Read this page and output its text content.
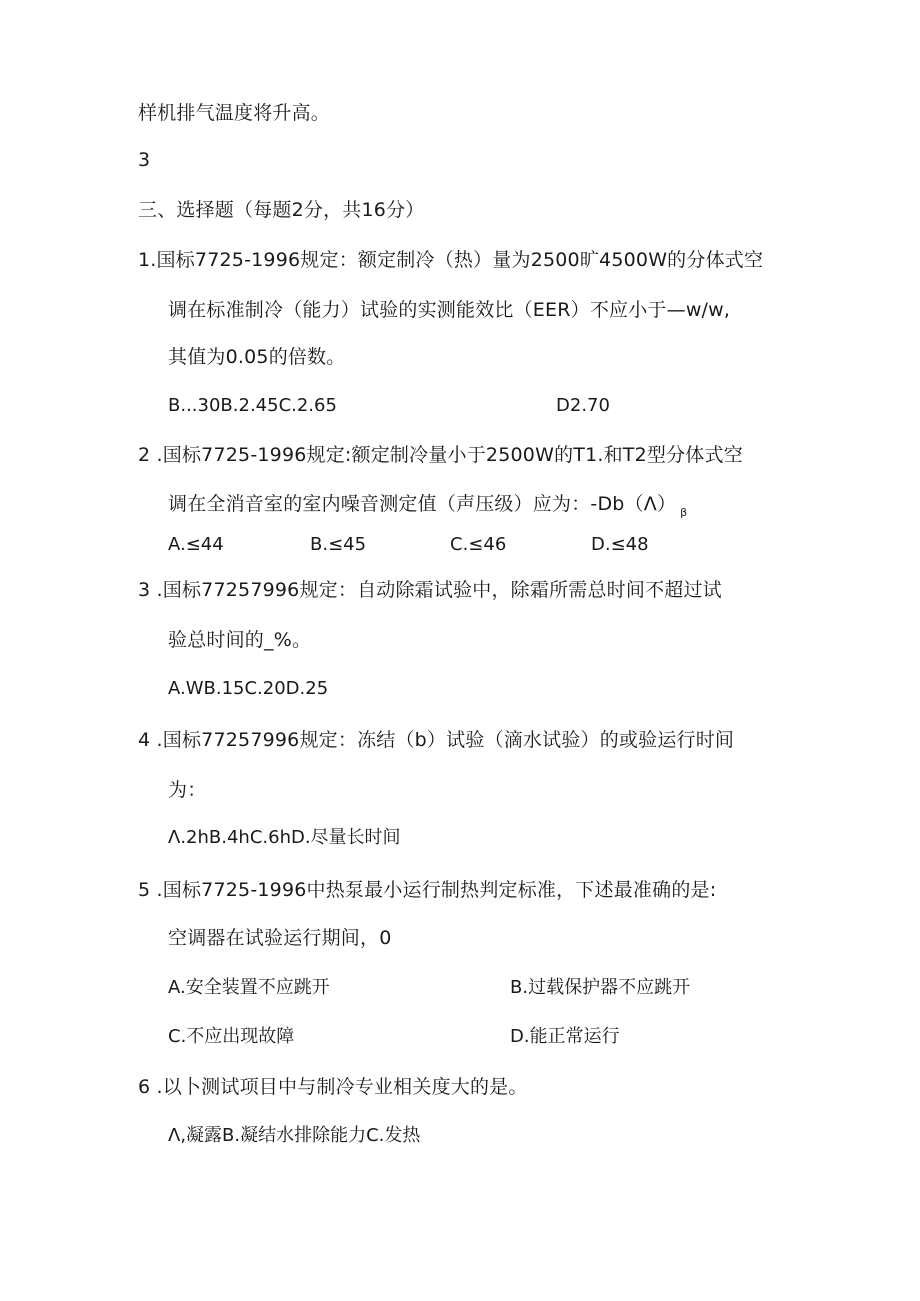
样机排气温度将升高。
3
三、选择题（每题2分，共16分）
1.国标7725-1996规定：额定制冷（热）量为2500旷4500W的分体式空
调在标准制冷（能力）试验的实测能效比（EER）不应小于—w/w,
其值为0.05的倍数。
B...30B.2.45C.2.65	D2.70
2 .国标7725-1996规定:额定制冷量小于2500W的T1.和T2型分体式空
调在全消音室的室内噪音测定值（声压级）应为：-Db（Λ） $_\beta$
A.≤44	B.≤45	C.≤46	D.≤48
3 .国标77257996规定：自动除霜试验中，除霜所需总时间不超过试
验总时间的_%。
A.WB.15C.20D.25
4 .国标77257996规定：冻结（b）试验（滴水试验）的或验运行时间
为：
Λ.2hB.4hC.6hD.尽量长时间
5 .国标7725-1996中热泵最小运行制热判定标准，下述最准确的是:
空调器在试验运行期间，0
A.安全装置不应跳开	B.过载保护器不应跳开
C.不应出现故障	D.能正常运行
6 .以卜测试项目中与制冷专业相关度大的是。
Λ,凝露B.凝结水排除能力C.发热
